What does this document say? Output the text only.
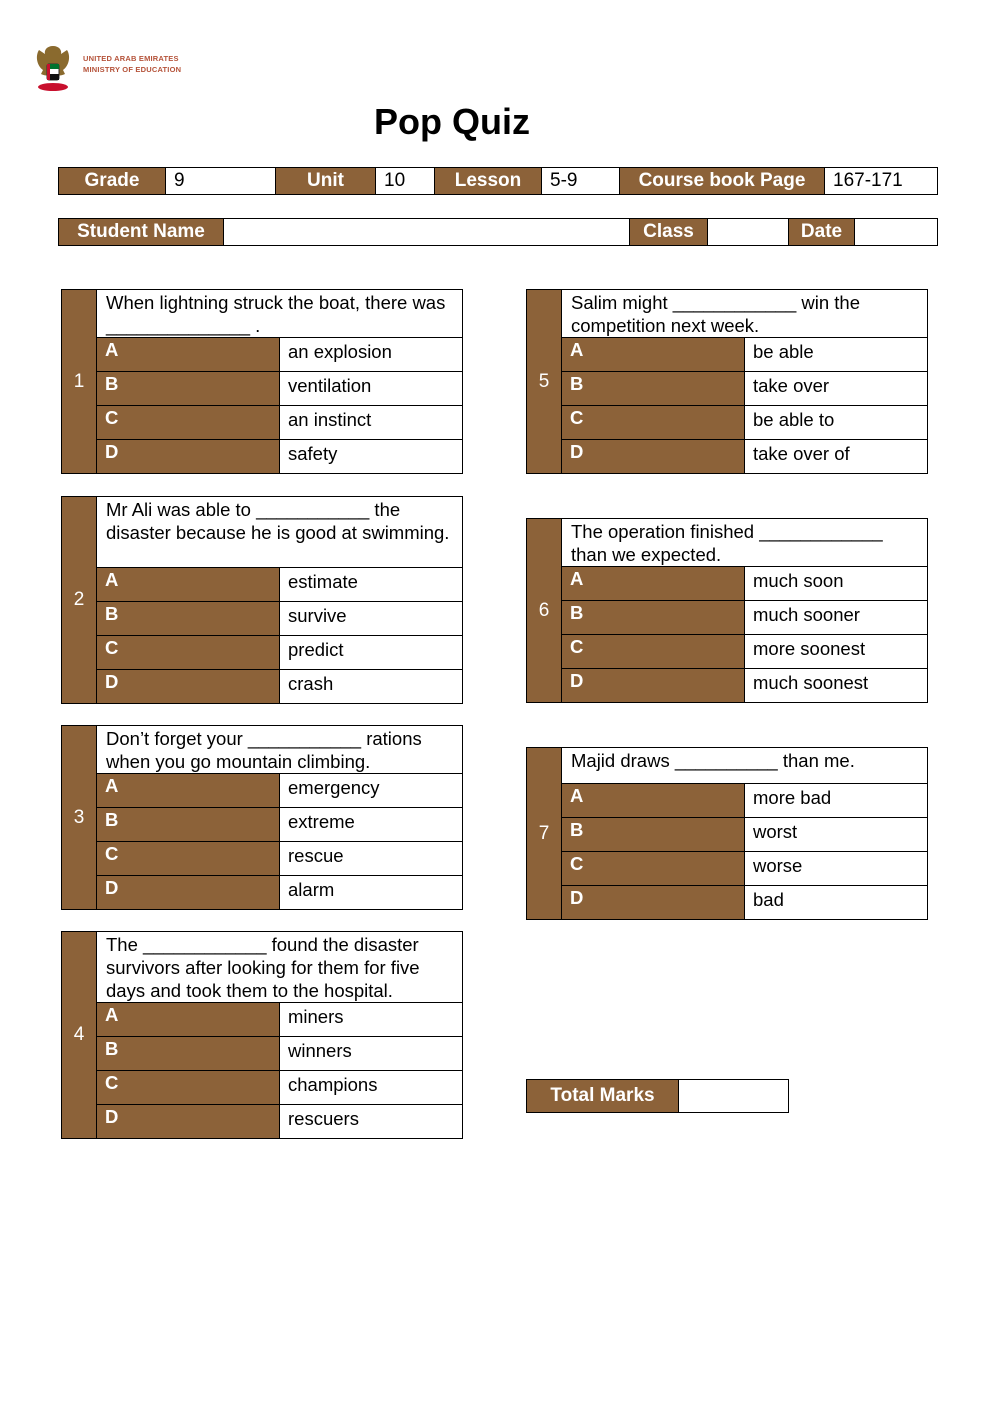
UNITED ARAB EMIRATES
MINISTRY OF EDUCATION
Pop Quiz
Grade	9	Unit	10	Lesson	5-9	Course book Page	167-171
Student Name		Class		Date	
1	When lightning struck the boat, there was ______________ .	
	A	an explosion
	B	ventilation
	C	an instinct
	D	safety
2	Mr Ali was able to ___________ the disaster because he is good at swimming.	
	A	estimate
	B	survive
	C	predict
	D	crash
3	Don’t forget your ___________ rations when you go mountain climbing.	
	A	emergency
	B	extreme
	C	rescue
	D	alarm
4	The ____________ found the disaster survivors after looking for them for five days and took them to the hospital.	
	A	miners
	B	winners
	C	champions
	D	rescuers
5	Salim might ____________ win the competition next week.	
	A	be able
	B	take over
	C	be able to
	D	take over of
6	The operation finished ____________ than we expected.	
	A	much soon
	B	much sooner
	C	more soonest
	D	much soonest
7	Majid draws __________ than me.	
	A	more bad
	B	worst
	C	worse
	D	bad
Total Marks	
